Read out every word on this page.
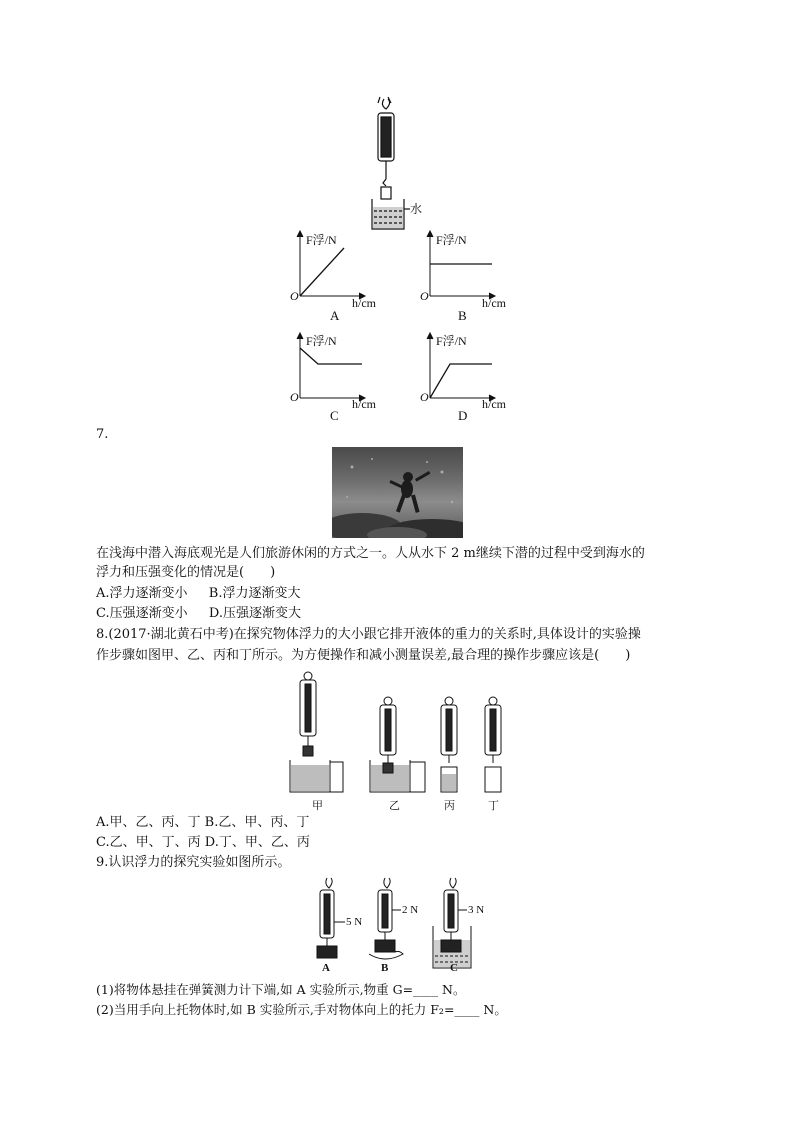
水
F浮/N
O	h/cm
A
F浮/N
O	h/cm
B
F浮/N
O	h/cm
C
F浮/N
O	h/cm
D
7.
在浅海中潜入海底观光是人们旅游休闲的方式之一。人从水下 2 m继续下潜的过程中受到海水的
浮力和压强变化的情况是(　　)
A.浮力逐渐变小　  B.浮力逐渐变大
C.压强逐渐变小　  D.压强逐渐变大
8.(2017·湖北黄石中考)在探究物体浮力的大小跟它排开液体的重力的关系时,具体设计的实验操
作步骤如图甲、乙、丙和丁所示。为方便操作和减小测量误差,最合理的操作步骤应该是(　　)
甲	乙	丙	丁
A.甲、乙、丙、丁 B.乙、甲、丙、丁
C.乙、甲、丁、丙 D.丁、甲、乙、丙
9.认识浮力的探究实验如图所示。
5 N
2 N	3 N
A	B	C
(1)将物体悬挂在弹簧测力计下端,如 A 实验所示,物重 G=____ N。
(2)当用手向上托物体时,如 B 实验所示,手对物体向上的托力 F₂=____ N。
